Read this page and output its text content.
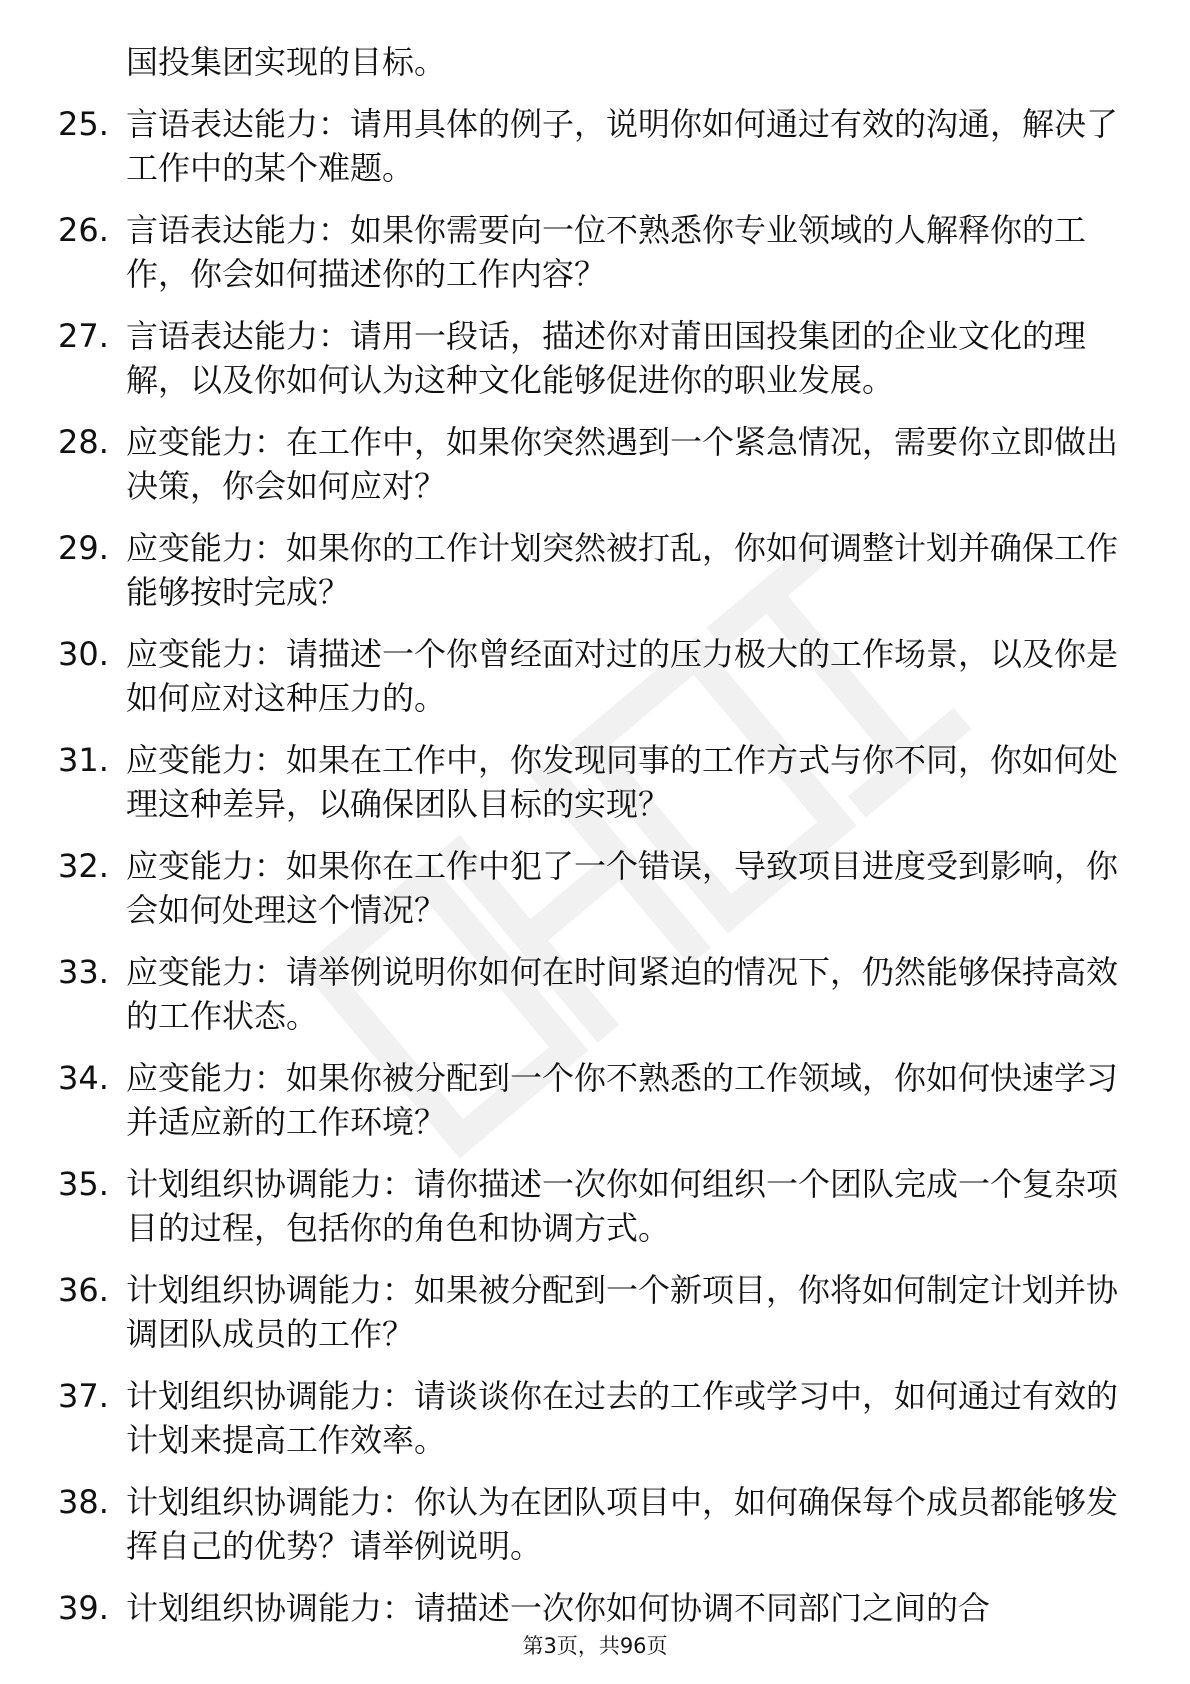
国投集团实现的目标。

25. 言语表达能力：请用具体的例子，说明你如何通过有效的沟通，解决了工作中的某个难题。
26. 言语表达能力：如果你需要向一位不熟悉你专业领域的人解释你的工作，你会如何描述你的工作内容？
27. 言语表达能力：请用一段话，描述你对莆田国投集团的企业文化的理解，以及你如何认为这种文化能够促进你的职业发展。
28. 应变能力：在工作中，如果你突然遇到一个紧急情况，需要你立即做出决策，你会如何应对？
29. 应变能力：如果你的工作计划突然被打乱，你如何调整计划并确保工作能够按时完成？
30. 应变能力：请描述一个你曾经面对过的压力极大的工作场景，以及你是如何应对这种压力的。
31. 应变能力：如果在工作中，你发现同事的工作方式与你不同，你如何处理这种差异，以确保团队目标的实现？
32. 应变能力：如果你在工作中犯了一个错误，导致项目进度受到影响，你会如何处理这个情况？
33. 应变能力：请举例说明你如何在时间紧迫的情况下，仍然能够保持高效的工作状态。
34. 应变能力：如果你被分配到一个你不熟悉的工作领域，你如何快速学习并适应新的工作环境？
35. 计划组织协调能力：请你描述一次你如何组织一个团队完成一个复杂项目的过程，包括你的角色和协调方式。
36. 计划组织协调能力：如果被分配到一个新项目，你将如何制定计划并协调团队成员的工作？
37. 计划组织协调能力：请谈谈你在过去的工作或学习中，如何通过有效的计划来提高工作效率。
38. 计划组织协调能力：你认为在团队项目中，如何确保每个成员都能够发挥自己的优势？请举例说明。
39. 计划组织协调能力：请描述一次你如何协调不同部门之间的合
第3页，共96页
